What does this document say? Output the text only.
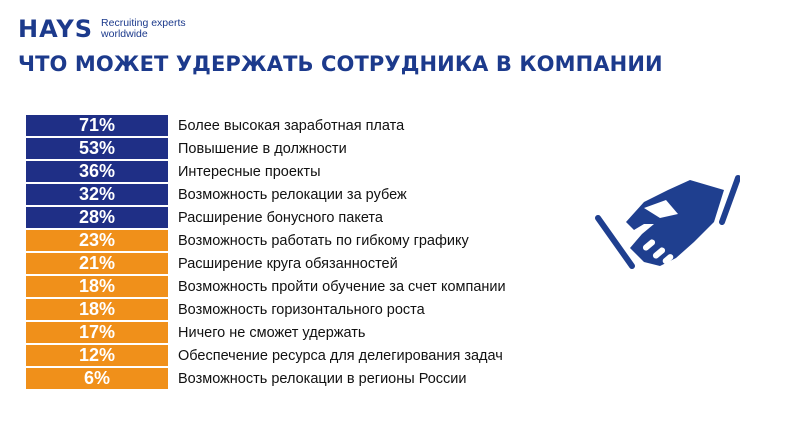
HAYS Recruiting experts
worldwide
ЧТО МОЖЕТ УДЕРЖАТЬ СОТРУДНИКА В КОМПАНИИ
71%	Более высокая заработная плата
53%	Повышение в должности
36%	Интересные проекты
32%	Возможность релокации за рубеж
28%	Расширение бонусного пакета
23%	Возможность работать по гибкому графику
21%	Расширение круга обязанностей
18%	Возможность пройти обучение за счет компании
18%	Возможность горизонтального роста
17%	Ничего не сможет удержать
12%	Обеспечение ресурса для делегирования задач
6%	Возможность релокации в регионы России
